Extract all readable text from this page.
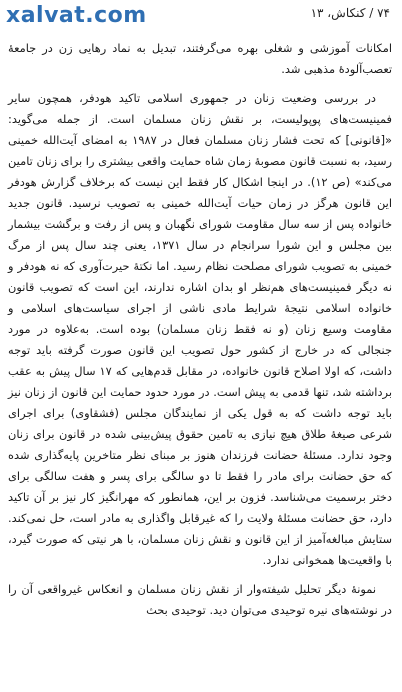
xalvat.com	۷۴ / کنکاش، ۱۳

امکانات آموزشی و شغلی بهره می‌گرفتند، تبدیل به نماد رهایی زن در جامعهٔ تعصب‌آلودهٔ مذهبی شد.

در بررسی وضعیت زنان در جمهوری اسلامی تاکید هودفر، همچون سایر فمینیست‌های پوپولیست، بر نقش زنان مسلمان است. از جمله می‌گوید: «[قانونی] که تحت فشار زنان مسلمان فعال در ۱۹۸۷ به امضای آیت‌الله خمینی رسید، به نسبت قانون مصوبهٔ زمان شاه حمایت واقعی بیشتری را برای زنان تامین می‌کند» (ص ۱۲). در اینجا اشکال کار فقط این نیست که برخلاف گزارش هودفر این قانون هرگز در زمان حیات آیت‌الله خمینی به تصویب نرسید. قانون جدید خانواده پس از سه سال مقاومت شورای نگهبان و پس از رفت و برگشت بیشمار بین مجلس و این شورا سرانجام در سال ۱۳۷۱، یعنی چند سال پس از مرگ خمینی به تصویب شورای مصلحت نظام رسید. اما نکتهٔ حیرت‌آوری که نه هودفر و نه دیگر فمینیست‌های هم‌نظر او بدان اشاره ندارند، این است که تصویب قانون خانواده اسلامی نتیجهٔ شرایط مادی ناشی از اجرای سیاست‌های اسلامی و مقاومت وسیع زنان (و نه فقط زنان مسلمان) بوده است. به‌علاوه در مورد جنجالی که در خارج از کشور حول تصویب این قانون صورت گرفته باید توجه داشت، که اولا اصلاح قانون خانواده، در مقابل قدم‌هایی که ۱۷ سال پیش به عقب برداشته شد، تنها قدمی به پیش است. در مورد حدود حمایت این قانون از زنان نیز باید توجه داشت که به قول یکی از نمایندگان مجلس (فشقاوی) برای اجرای شرعی صیغهٔ طلاق هیچ نیازی به تامین حقوق پیش‌بینی شده در قانون برای زنان وجود ندارد. مسئلهٔ حضانت فرزندان هنوز بر مبنای نظر متاخرین پایه‌گذاری شده که حق حضانت برای مادر را فقط تا دو سالگی برای پسر و هفت سالگی برای دختر برسمیت می‌شناسد. فزون بر این، همانطور که مهرانگیز کار نیز بر آن تاکید دارد، حق حضانت مسئلهٔ ولایت را که غیرقابل واگذاری به مادر است، حل نمی‌کند. ستایش مبالغه‌آمیز از این قانون و نقش زنان مسلمان، با هر نیتی که صورت گیرد، با واقعیت‌ها همخوانی ندارد.

نمونهٔ دیگر تحلیل شیفته‌وار از نقش زنان مسلمان و انعکاس غیرواقعی آن را در نوشته‌های نیره توحیدی می‌توان دید. توحیدی بحث
